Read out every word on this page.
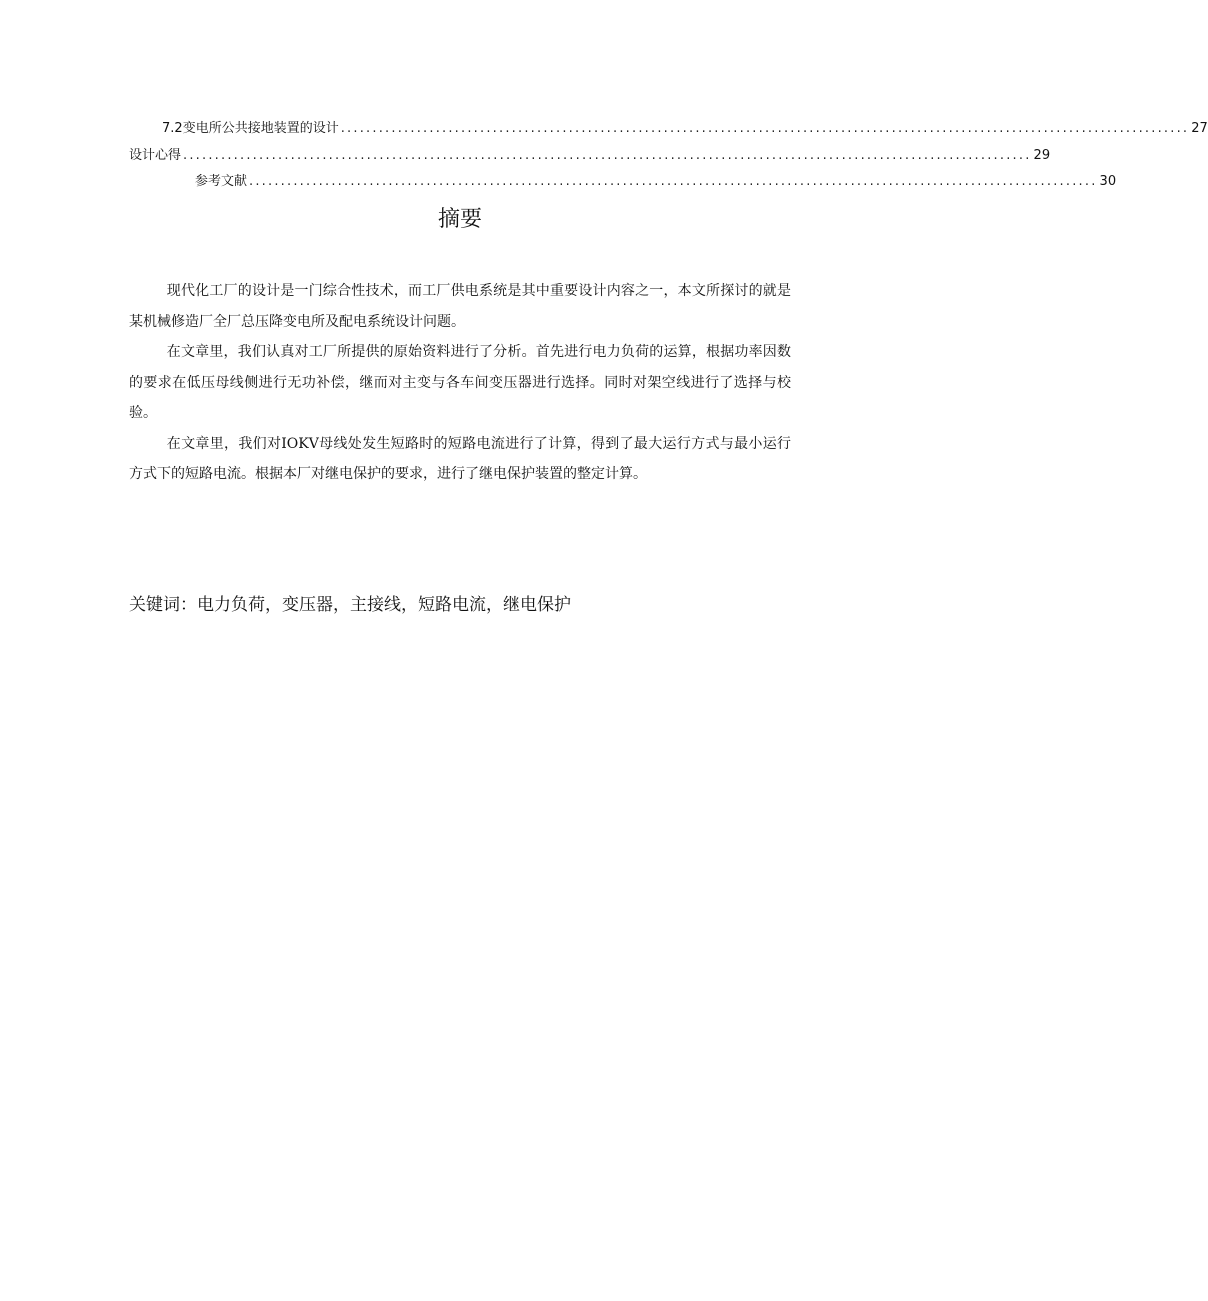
7.2 变电所公共接地装置的设计 ...................................................................................................................................... 27
设计心得 ...................................................................................................................................... 29
参考文献 ...................................................................................................................................... 30
摘要

现代化工厂的设计是一门综合性技术，而工厂供电系统是其中重要设计内容之一，本文所探讨的就是某机械修造厂全厂总压降变电所及配电系统设计问题。

在文章里，我们认真对工厂所提供的原始资料进行了分析。首先进行电力负荷的运算，根据功率因数的要求在低压母线侧进行无功补偿，继而对主变与各车间变压器进行选择。同时对架空线进行了选择与校验。

在文章里，我们对IOKV母线处发生短路时的短路电流进行了计算，得到了最大运行方式与最小运行方式下的短路电流。根据本厂对继电保护的要求，进行了继电保护装置的整定计算。

关键词：电力负荷，变压器，主接线，短路电流，继电保护
